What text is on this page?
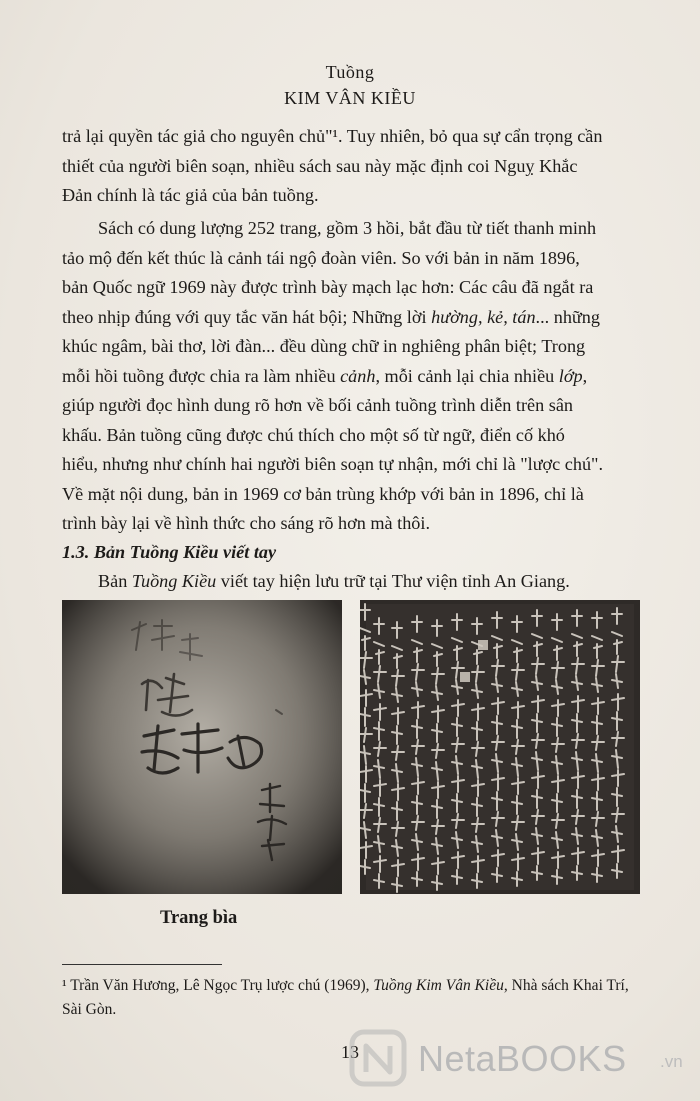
Tuồng
KIM VÂN KIỀU
trả lại quyền tác giả cho nguyên chủ"¹. Tuy nhiên, bỏ qua sự cẩn trọng cần
thiết của người biên soạn, nhiều sách sau này mặc định coi Nguỵ Khắc
Đản chính là tác giả của bản tuồng.
Sách có dung lượng 252 trang, gồm 3 hồi, bắt đầu từ tiết thanh minh
tảo mộ đến kết thúc là cảnh tái ngộ đoàn viên. So với bản in năm 1896,
bản Quốc ngữ 1969 này được trình bày mạch lạc hơn: Các câu đã ngắt ra
theo nhịp đúng với quy tắc văn hát bội; Những lời hường, kẻ, tán... những
khúc ngâm, bài thơ, lời đàn... đều dùng chữ in nghiêng phân biệt; Trong
mỗi hồi tuồng được chia ra làm nhiều cảnh, mỗi cảnh lại chia nhiều lớp,
giúp người đọc hình dung rõ hơn về bối cảnh tuồng trình diễn trên sân
khấu. Bản tuồng cũng được chú thích cho một số từ ngữ, điển cố khó
hiểu, nhưng như chính hai người biên soạn tự nhận, mới chỉ là "lược chú".
Về mặt nội dung, bản in 1969 cơ bản trùng khớp với bản in 1896, chỉ là
trình bày lại về hình thức cho sáng rõ hơn mà thôi.
1.3. Bản Tuồng Kiều viết tay
Bản Tuồng Kiều viết tay hiện lưu trữ tại Thư viện tỉnh An Giang.
Trang bìa
¹ Trần Văn Hương, Lê Ngọc Trụ lược chú (1969), Tuồng Kim Vân Kiều, Nhà sách Khai Trí,
Sài Gòn.
13	NetaBOOKS .vn
